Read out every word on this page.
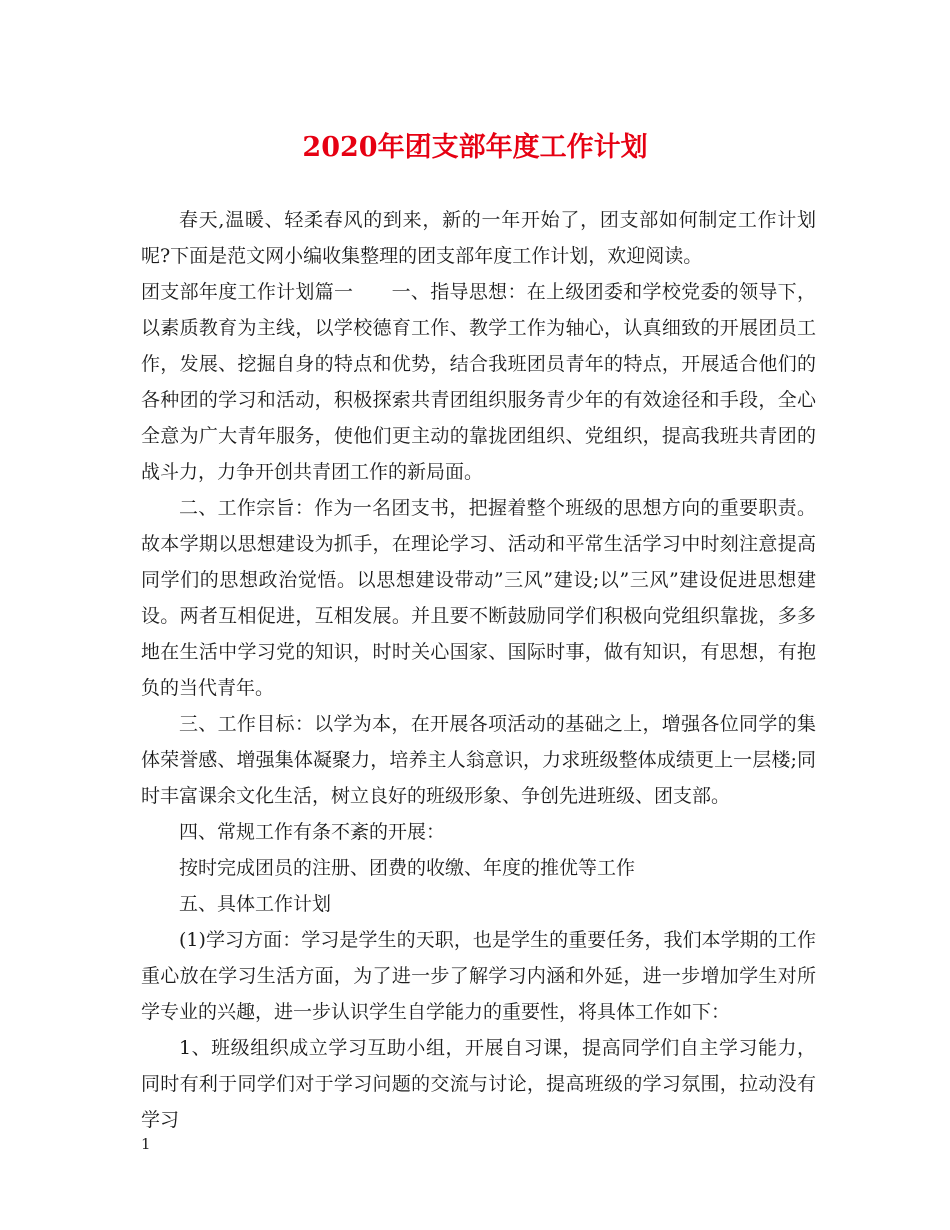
2020年团支部年度工作计划

春天,温暖、轻柔春风的到来，新的一年开始了，团支部如何制定工作计划呢?下面是范文网小编收集整理的团支部年度工作计划，欢迎阅读。

团支部年度工作计划篇一 一、指导思想：在上级团委和学校党委的领导下，以素质教育为主线，以学校德育工作、教学工作为轴心，认真细致的开展团员工作，发展、挖掘自身的特点和优势，结合我班团员青年的特点，开展适合他们的各种团的学习和活动，积极探索共青团组织服务青少年的有效途径和手段，全心全意为广大青年服务，使他们更主动的靠拢团组织、党组织，提高我班共青团的战斗力，力争开创共青团工作的新局面。

二、工作宗旨：作为一名团支书，把握着整个班级的思想方向的重要职责。故本学期以思想建设为抓手，在理论学习、活动和平常生活学习中时刻注意提高同学们的思想政治觉悟。以思想建设带动”三风”建设;以”三风”建设促进思想建设。两者互相促进，互相发展。并且要不断鼓励同学们积极向党组织靠拢，多多地在生活中学习党的知识，时时关心国家、国际时事，做有知识，有思想，有抱负的当代青年。

三、工作目标：以学为本，在开展各项活动的基础之上，增强各位同学的集体荣誉感、增强集体凝聚力，培养主人翁意识，力求班级整体成绩更上一层楼;同时丰富课余文化生活，树立良好的班级形象、争创先进班级、团支部。

四、常规工作有条不紊的开展：

按时完成团员的注册、团费的收缴、年度的推优等工作

五、具体工作计划

(1)学习方面：学习是学生的天职，也是学生的重要任务，我们本学期的工作重心放在学习生活方面，为了进一步了解学习内涵和外延，进一步增加学生对所学专业的兴趣，进一步认识学生自学能力的重要性，将具体工作如下：

1、班级组织成立学习互助小组，开展自习课，提高同学们自主学习能力，同时有利于同学们对于学习问题的交流与讨论，提高班级的学习氛围，拉动没有学习

1
